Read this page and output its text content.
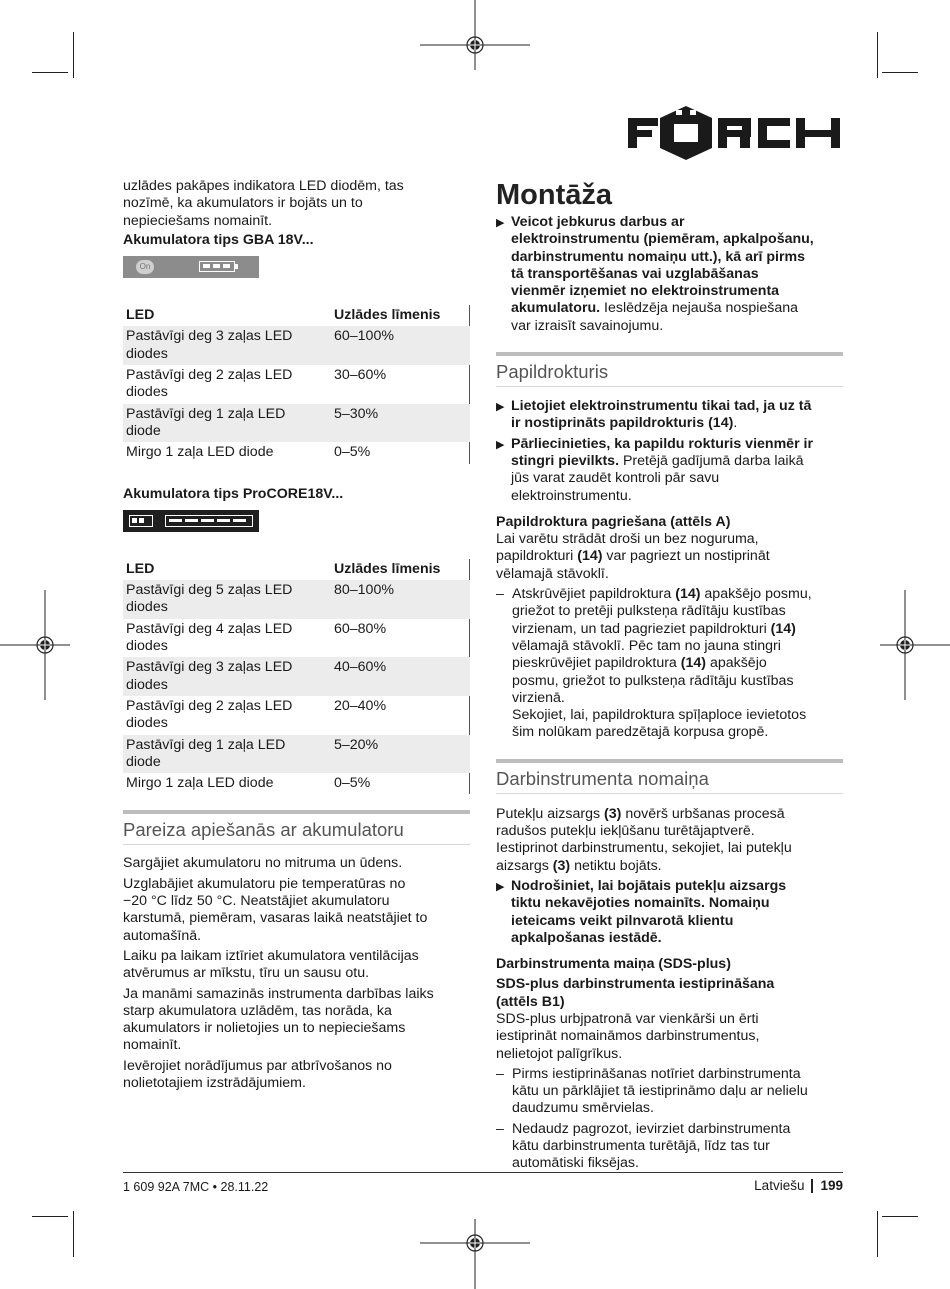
uzlādes pakāpes indikatora LED diodēm, tas

nozīmē, ka akumulators ir bojāts un to

nepieciešams nomainīt.

Akumulatora tips GBA 18V...

On
LED	Uzlādes līmenis
Pastāvīgi deg 3 zaļas LED
diodes	60–100%
Pastāvīgi deg 2 zaļas LED
diodes	30–60%
Pastāvīgi deg 1 zaļa LED
diode	5–30%
Mirgo 1 zaļa LED diode	0–5%

Akumulatora tips ProCORE18V...

LED	Uzlādes līmenis
Pastāvīgi deg 5 zaļas LED
diodes	80–100%
Pastāvīgi deg 4 zaļas LED
diodes	60–80%
Pastāvīgi deg 3 zaļas LED
diodes	40–60%
Pastāvīgi deg 2 zaļas LED
diodes	20–40%
Pastāvīgi deg 1 zaļa LED
diode	5–20%
Mirgo 1 zaļa LED diode	0–5%
Pareiza apiešanās ar akumulatoru

Sargājiet akumulatoru no mitruma un ūdens.

Uzglabājiet akumulatoru pie temperatūras no

−20 °C līdz 50 °C. Neatstājiet akumulatoru

karstumā, piemēram, vasaras laikā neatstājiet to

automašīnā.

Laiku pa laikam iztīriet akumulatora ventilācijas

atvērumus ar mīkstu, tīru un sausu otu.

Ja manāmi samazinās instrumenta darbības laiks

starp akumulatora uzlādēm, tas norāda, ka

akumulators ir nolietojies un to nepieciešams

nomainīt.

Ievērojiet norādījumus par atbrīvošanos no

nolietotajiem izstrādājumiem.

Montāža
▶ Veicot jebkurus darbus ar

elektroinstrumentu (piemēram, apkalpošanu,

darbinstrumentu nomaiņu utt.), kā arī pirms

tā transportēšanas vai uzglabāšanas

vienmēr izņemiet no elektroinstrumenta

akumulatoru. Ieslēdzēja nejauša nospiešana

var izraisīt savainojumu.

Papildrokturis
▶ Lietojiet elektroinstrumentu tikai tad, ja uz tā

ir nostiprināts papildrokturis (14).

▶ Pārliecinieties, ka papildu rokturis vienmēr ir

stingri pievilkts. Pretējā gadījumā darba laikā

jūs varat zaudēt kontroli pār savu

elektroinstrumentu.

Papildroktura pagriešana (attēls A)

Lai varētu strādāt droši un bez noguruma,

papildrokturi (14) var pagriezt un nostiprināt

vēlamajā stāvoklī.

– Atskrūvējiet papildroktura (14) apakšējo posmu,

griežot to pretēji pulksteņa rādītāju kustības

virzienam, un tad pagrieziet papildrokturi (14)

vēlamajā stāvoklī. Pēc tam no jauna stingri

pieskrūvējiet papildroktura (14) apakšējo

posmu, griežot to pulksteņa rādītāju kustības

virzienā.

Sekojiet, lai, papildroktura spīļaploce ievietotos

šim nolūkam paredzētajā korpusa gropē.

Darbinstrumenta nomaiņa

Putekļu aizsargs (3) novērš urbšanas procesā

radušos putekļu iekļūšanu turētājaptverē.

Iestiprinot darbinstrumentu, sekojiet, lai putekļu

aizsargs (3) netiktu bojāts.

▶ Nodrošiniet, lai bojātais putekļu aizsargs

tiktu nekavējoties nomainīts. Nomaiņu

ieteicams veikt pilnvarotā klientu

apkalpošanas iestādē.

Darbinstrumenta maiņa (SDS-plus)

SDS-plus darbinstrumenta iestiprināšana

(attēls B1)

SDS-plus urbjpatronā var vienkārši un ērti

iestiprināt nomaināmos darbinstrumentus,

nelietojot palīgrīkus.

– Pirms iestiprināšanas notīriet darbinstrumenta

kātu un pārklājiet tā iestiprināmo daļu ar nelielu

daudzumu smērvielas.

– Nedaudz pagrozot, ievirziet darbinstrumenta

kātu darbinstrumenta turētājā, līdz tas tur

automātiski fiksējas.

1 609 92A 7MC • 28.11.22	Latviešu 199
